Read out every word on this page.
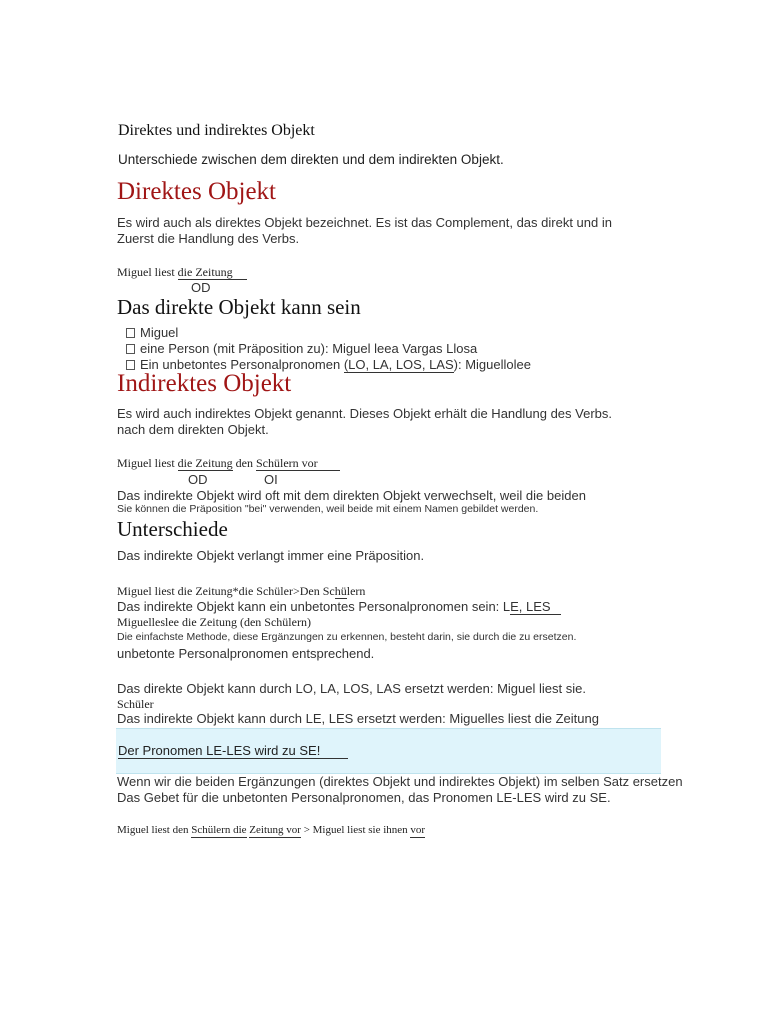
Direktes und indirektes Objekt
Unterschiede zwischen dem direkten und dem indirekten Objekt.
Direktes Objekt
Es wird auch als direktes Objekt bezeichnet. Es ist das Complement, das direkt und in
Zuerst die Handlung des Verbs.
Miguel liest die Zeitung
OD
Das direkte Objekt kann sein
Miguel
eine Person (mit Präposition zu): Miguel leea Vargas Llosa
Ein unbetontes Personalpronomen (LO, LA, LOS, LAS): Miguellolee
Indirektes Objekt
Es wird auch indirektes Objekt genannt. Dieses Objekt erhält die Handlung des Verbs.
nach dem direkten Objekt.
Miguel liest die Zeitung den Schülern vor
OD	OI
Das indirekte Objekt wird oft mit dem direkten Objekt verwechselt, weil die beiden
Sie können die Präposition "bei" verwenden, weil beide mit einem Namen gebildet werden.
Unterschiede
Das indirekte Objekt verlangt immer eine Präposition.
Miguel liest die Zeitung*die Schüler>Den Schülern
Das indirekte Objekt kann ein unbetontes Personalpronomen sein: LE, LES
Miguelleslee die Zeitung (den Schülern)
Die einfachste Methode, diese Ergänzungen zu erkennen, besteht darin, sie durch die zu ersetzen.
unbetonte Personalpronomen entsprechend.
Das direkte Objekt kann durch LO, LA, LOS, LAS ersetzt werden: Miguel liest sie.
Schüler
Das indirekte Objekt kann durch LE, LES ersetzt werden: Miguelles liest die Zeitung
Der Pronomen LE-LES wird zu SE!
Wenn wir die beiden Ergänzungen (direktes Objekt und indirektes Objekt) im selben Satz ersetzen
Das Gebet für die unbetonten Personalpronomen, das Pronomen LE-LES wird zu SE.
Miguel liest den Schülern die Zeitung vor > Miguel liest sie ihnen vor
